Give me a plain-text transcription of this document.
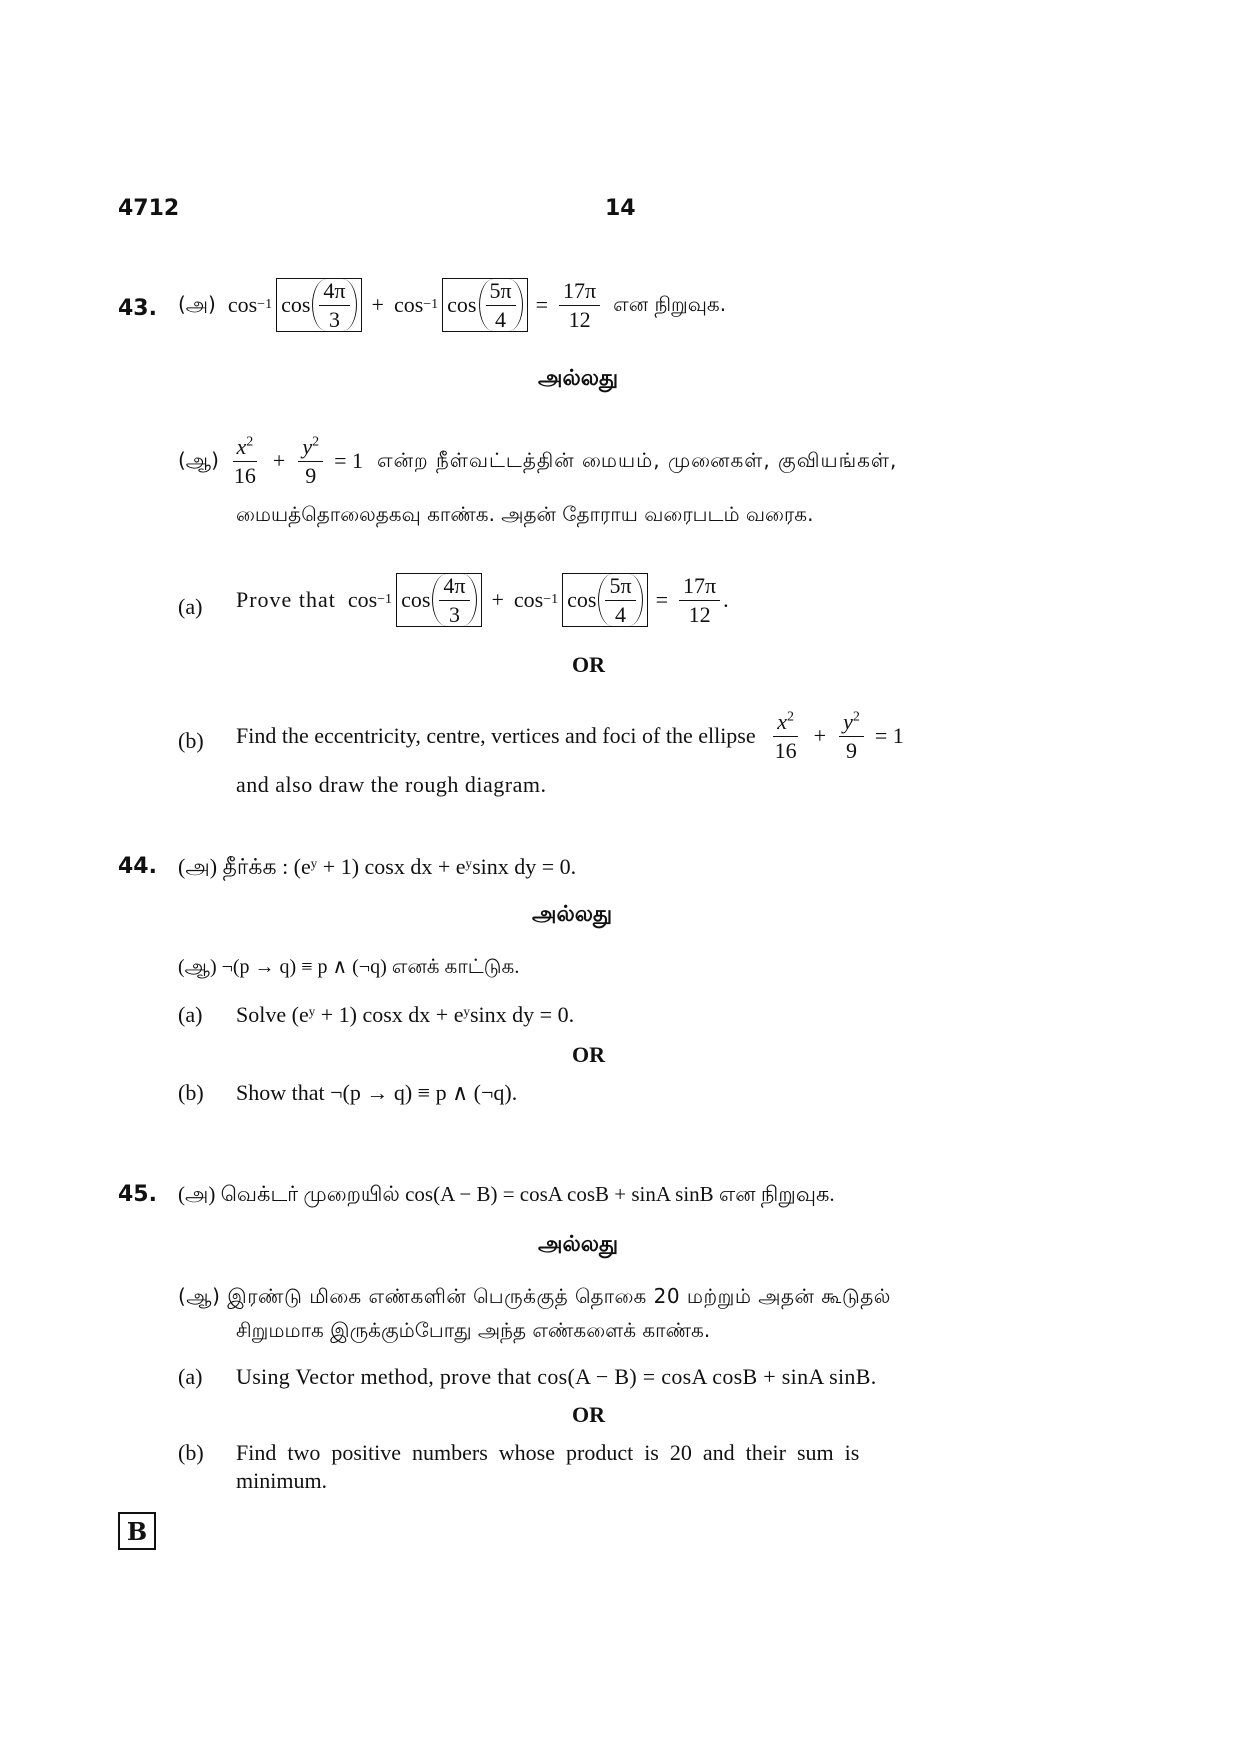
4712	14
43. (அ) cos −1 $\cos \frac{4\pi}{3} + \cos -1$ $\cos \frac{5\pi}{4} = \frac{17\pi}{12}$ என நிறுவுக.
அல்லது
(ஆ) $\frac{x^2}{16} + \frac{y^2}{9} = 1$ என்ற நீள்வட்டத்தின் மையம், முனைகள், குவியங்கள்,
மையத்தொலைதகவு காண்க. அதன் தோராய வரைபடம் வரைக.
(a) Prove that cos −1 $\cos \frac{4\pi}{3} + \cos -1$ $\cos \frac{5\pi}{4} = \frac{17\pi}{12}$ .
OR
(b) Find the eccentricity, centre, vertices and foci of the ellipse $\frac{x^2}{16} + \frac{y^2}{9} = 1$
and also draw the rough diagram.
44. (அ) தீர்க்க : (eʸ + 1) cosx dx + eʸsinx dy = 0.
அல்லது
(ஆ) ¬(p → q) ≡ p ∧ (¬q) எனக் காட்டுக.
(a) Solve (eʸ + 1) cosx dx + eʸsinx dy = 0.
OR
(b) Show that ¬(p → q) ≡ p ∧ (¬q).
45. (அ) வெக்டர் முறையில் cos(A − B) = cosA cosB + sinA sinB என நிறுவுக.
அல்லது
(ஆ) இரண்டு மிகை எண்களின் பெருக்குத் தொகை 20 மற்றும் அதன் கூடுதல்
சிறுமமாக இருக்கும்போது அந்த எண்களைக் காண்க.
(a) Using Vector method, prove that cos(A − B) = cosA cosB + sinA sinB.
OR
(b) Find  two  positive  numbers  whose  product  is  20  and  their  sum  is
minimum.
B
